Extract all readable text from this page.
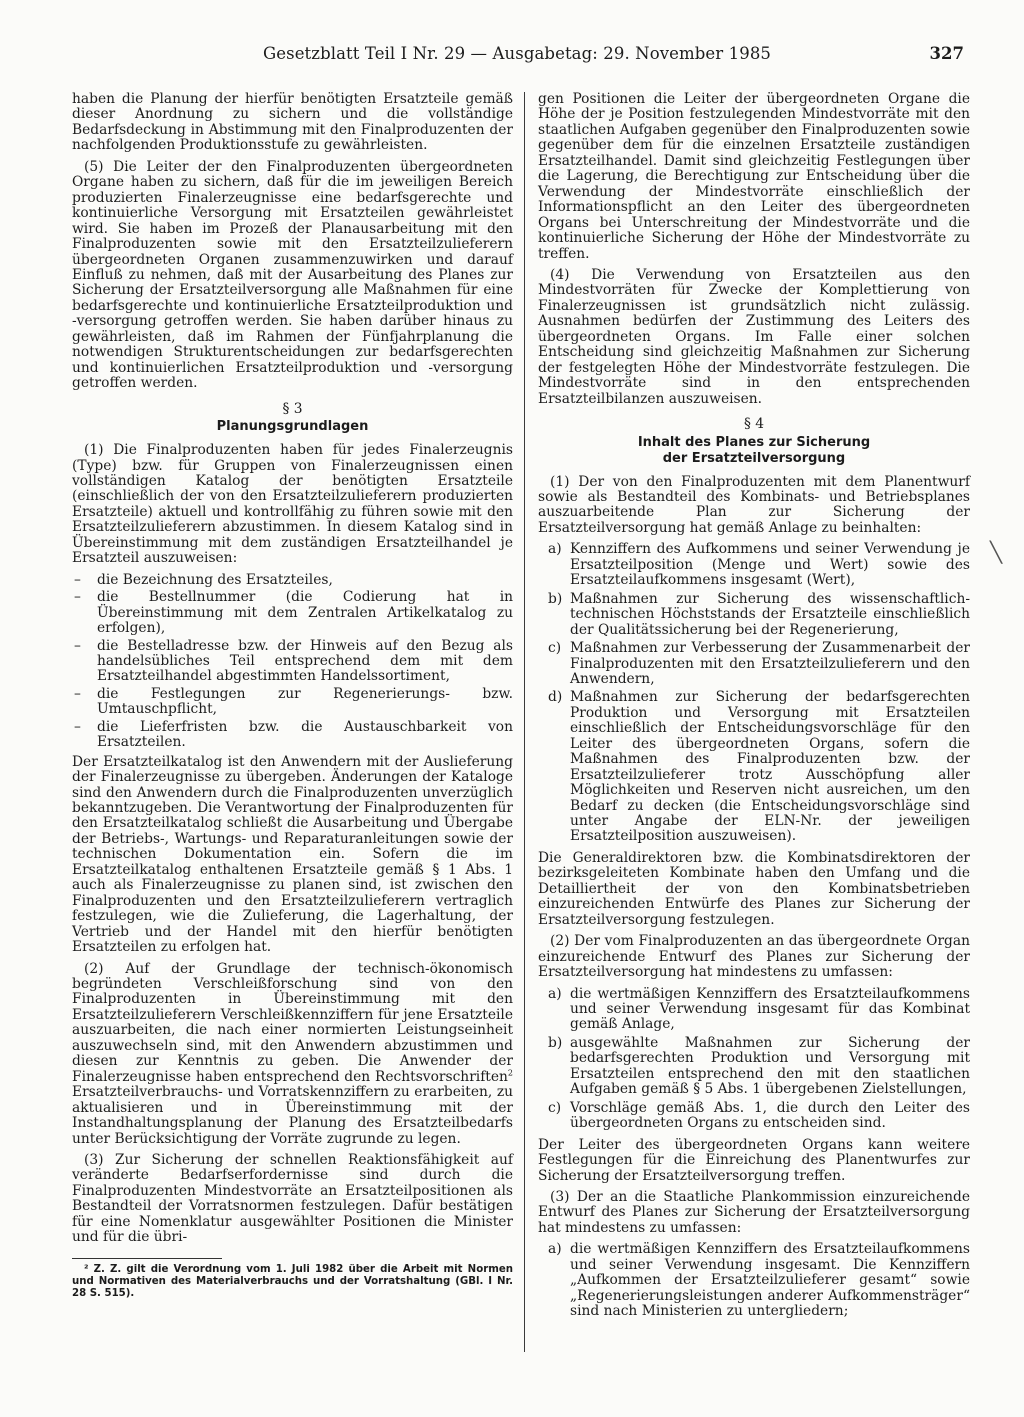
Gesetzblatt Teil I Nr. 29 — Ausgabetag: 29. November 1985	327
╲

haben die Planung der hierfür benötigten Ersatzteile gemäß dieser Anordnung zu sichern und die vollständige Bedarfsdeckung in Abstimmung mit den Finalproduzenten der nachfolgenden Produktionsstufe zu gewährleisten.

(5) Die Leiter der den Finalproduzenten übergeordneten Organe haben zu sichern, daß für die im jeweiligen Bereich produzierten Finalerzeugnisse eine bedarfsgerechte und kontinuierliche Versorgung mit Ersatzteilen gewährleistet wird. Sie haben im Prozeß der Planausarbeitung mit den Finalproduzenten sowie mit den Ersatzteilzulieferern übergeordneten Organen zusammenzuwirken und darauf Einfluß zu nehmen, daß mit der Ausarbeitung des Planes zur Sicherung der Ersatzteilversorgung alle Maßnahmen für eine bedarfsgerechte und kontinuierliche Ersatzteilproduktion und -versorgung getroffen werden. Sie haben darüber hinaus zu gewährleisten, daß im Rahmen der Fünfjahrplanung die notwendigen Strukturentscheidungen zur bedarfsgerechten und kontinuierlichen Ersatzteilproduktion und -versorgung getroffen werden.

§ 3
Planungsgrundlagen

(1) Die Finalproduzenten haben für jedes Finalerzeugnis (Type) bzw. für Gruppen von Finalerzeugnissen einen vollständigen Katalog der benötigten Ersatzteile (einschließlich der von den Ersatzteilzulieferern produzierten Ersatzteile) aktuell und kontrollfähig zu führen sowie mit den Ersatzteilzulieferern abzustimmen. In diesem Katalog sind in Übereinstimmung mit dem zuständigen Ersatzteilhandel je Ersatzteil auszuweisen:

– die Bezeichnung des Ersatzteiles,
– die Bestellnummer (die Codierung hat in Übereinstimmung mit dem Zentralen Artikelkatalog zu erfolgen),
– die Bestelladresse bzw. der Hinweis auf den Bezug als handelsübliches Teil entsprechend dem mit dem Ersatzteilhandel abgestimmten Handelssortiment,
– die Festlegungen zur Regenerierungs- bzw. Umtauschpflicht,
– die Lieferfristen bzw. die Austauschbarkeit von Ersatzteilen.

Der Ersatzteilkatalog ist den Anwendern mit der Auslieferung der Finalerzeugnisse zu übergeben. Änderungen der Kataloge sind den Anwendern durch die Finalproduzenten unverzüglich bekanntzugeben. Die Verantwortung der Finalproduzenten für den Ersatzteilkatalog schließt die Ausarbeitung und Übergabe der Betriebs-, Wartungs- und Reparaturanleitungen sowie der technischen Dokumentation ein. Sofern die im Ersatzteilkatalog enthaltenen Ersatzteile gemäß § 1 Abs. 1 auch als Finalerzeugnisse zu planen sind, ist zwischen den Finalproduzenten und den Ersatzteilzulieferern vertraglich festzulegen, wie die Zulieferung, die Lagerhaltung, der Vertrieb und der Handel mit den hierfür benötigten Ersatzteilen zu erfolgen hat.

(2) Auf der Grundlage der technisch-ökonomisch begründeten Verschleißforschung sind von den Finalproduzenten in Übereinstimmung mit den Ersatzteilzulieferern Verschleißkennziffern für jene Ersatzteile auszuarbeiten, die nach einer normierten Leistungseinheit auszuwechseln sind, mit den Anwendern abzustimmen und diesen zur Kenntnis zu geben. Die Anwender der Finalerzeugnisse haben entsprechend den Rechtsvorschriften$^2$ Ersatzteilverbrauchs- und Vorratskennziffern zu erarbeiten, zu aktualisieren und in Übereinstimmung mit der Instandhaltungsplanung der Planung des Ersatzteilbedarfs unter Berücksichtigung der Vorräte zugrunde zu legen.

(3) Zur Sicherung der schnellen Reaktionsfähigkeit auf veränderte Bedarfserfordernisse sind durch die Finalproduzenten Mindestvorräte an Ersatzteilpositionen als Bestandteil der Vorratsnormen festzulegen. Dafür bestätigen für eine Nomenklatur ausgewählter Positionen die Minister und für die übri-

² Z. Z. gilt die Verordnung vom 1. Juli 1982 über die Arbeit mit Normen und Normativen des Materialverbrauchs und der Vorratshaltung (GBl. I Nr. 28 S. 515).

gen Positionen die Leiter der übergeordneten Organe die Höhe der je Position festzulegenden Mindestvorräte mit den staatlichen Aufgaben gegenüber den Finalproduzenten sowie gegenüber dem für die einzelnen Ersatzteile zuständigen Ersatzteilhandel. Damit sind gleichzeitig Festlegungen über die Lagerung, die Berechtigung zur Entscheidung über die Verwendung der Mindestvorräte einschließlich der Informationspflicht an den Leiter des übergeordneten Organs bei Unterschreitung der Mindestvorräte und die kontinuierliche Sicherung der Höhe der Mindestvorräte zu treffen.

(4) Die Verwendung von Ersatzteilen aus den Mindestvorräten für Zwecke der Komplettierung von Finalerzeugnissen ist grundsätzlich nicht zulässig. Ausnahmen bedürfen der Zustimmung des Leiters des übergeordneten Organs. Im Falle einer solchen Entscheidung sind gleichzeitig Maßnahmen zur Sicherung der festgelegten Höhe der Mindestvorräte festzulegen. Die Mindestvorräte sind in den entsprechenden Ersatzteilbilanzen auszuweisen.

§ 4
Inhalt des Planes zur Sicherung
der Ersatzteilversorgung

(1) Der von den Finalproduzenten mit dem Planentwurf sowie als Bestandteil des Kombinats- und Betriebsplanes auszuarbeitende Plan zur Sicherung der Ersatzteilversorgung hat gemäß Anlage zu beinhalten:

a) Kennziffern des Aufkommens und seiner Verwendung je Ersatzteilposition (Menge und Wert) sowie des Ersatzteilaufkommens insgesamt (Wert),
b) Maßnahmen zur Sicherung des wissenschaftlich-technischen Höchststands der Ersatzteile einschließlich der Qualitätssicherung bei der Regenerierung,
c) Maßnahmen zur Verbesserung der Zusammenarbeit der Finalproduzenten mit den Ersatzteilzulieferern und den Anwendern,
d) Maßnahmen zur Sicherung der bedarfsgerechten Produktion und Versorgung mit Ersatzteilen einschließlich der Entscheidungsvorschläge für den Leiter des übergeordneten Organs, sofern die Maßnahmen des Finalproduzenten bzw. der Ersatzteilzulieferer trotz Ausschöpfung aller Möglichkeiten und Reserven nicht ausreichen, um den Bedarf zu decken (die Entscheidungsvorschläge sind unter Angabe der ELN-Nr. der jeweiligen Ersatzteilposition auszuweisen).

Die Generaldirektoren bzw. die Kombinatsdirektoren der bezirksgeleiteten Kombinate haben den Umfang und die Detailliertheit der von den Kombinatsbetrieben einzureichenden Entwürfe des Planes zur Sicherung der Ersatzteilversorgung festzulegen.

(2) Der vom Finalproduzenten an das übergeordnete Organ einzureichende Entwurf des Planes zur Sicherung der Ersatzteilversorgung hat mindestens zu umfassen:

a) die wertmäßigen Kennziffern des Ersatzteilaufkommens und seiner Verwendung insgesamt für das Kombinat gemäß Anlage,
b) ausgewählte Maßnahmen zur Sicherung der bedarfsgerechten Produktion und Versorgung mit Ersatzteilen entsprechend den mit den staatlichen Aufgaben gemäß § 5 Abs. 1 übergebenen Zielstellungen,
c) Vorschläge gemäß Abs. 1, die durch den Leiter des übergeordneten Organs zu entscheiden sind.

Der Leiter des übergeordneten Organs kann weitere Festlegungen für die Einreichung des Planentwurfes zur Sicherung der Ersatzteilversorgung treffen.

(3) Der an die Staatliche Plankommission einzureichende Entwurf des Planes zur Sicherung der Ersatzteilversorgung hat mindestens zu umfassen:

a) die wertmäßigen Kennziffern des Ersatzteilaufkommens und seiner Verwendung insgesamt. Die Kennziffern „Aufkommen der Ersatzteilzulieferer gesamt“ sowie „Regenerierungsleistungen anderer Aufkommensträger“ sind nach Ministerien zu untergliedern;
